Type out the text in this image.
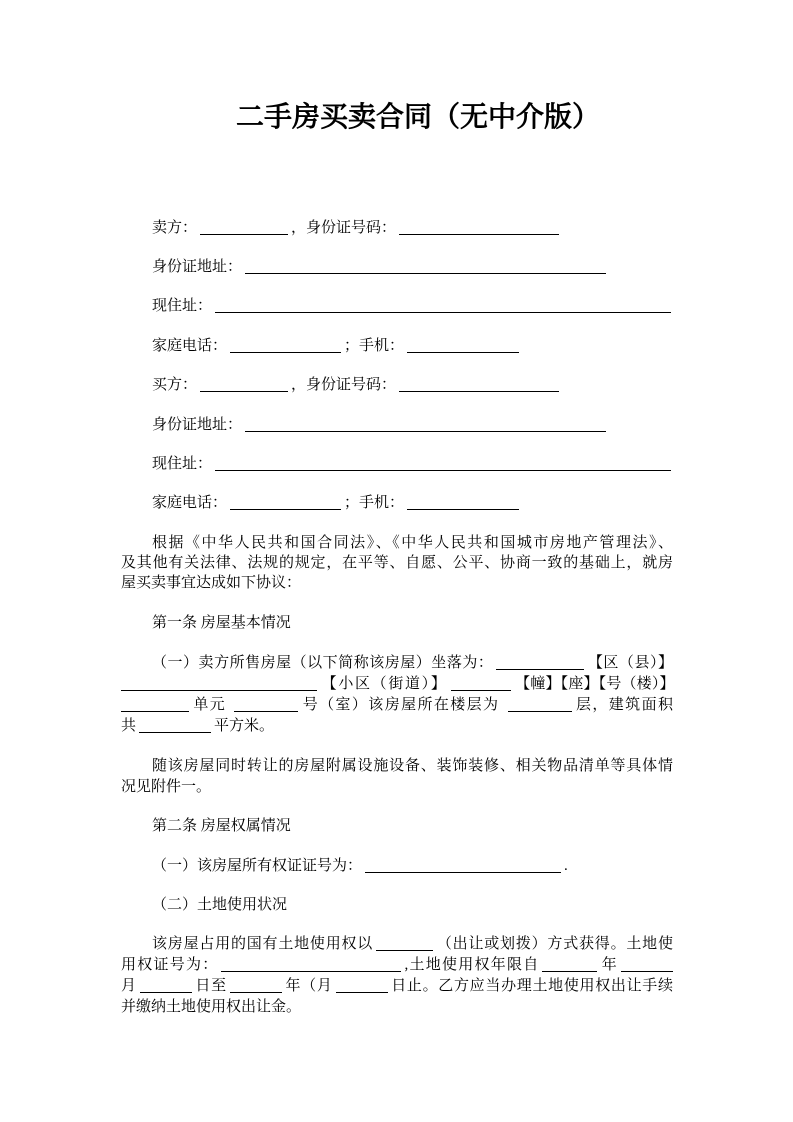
二手房买卖合同（无中介版）
卖方：	，身份证号码：
身份证地址：
现住址：
家庭电话：	；手机：
买方：	，身份证号码：
身份证地址：
现住址：
家庭电话：	；手机：
根据《中华人民共和国合同法》、《中华人民共和国城市房地产管理法》、
及其他有关法律、法规的规定，在平等、自愿、公平、协商一致的基础上，就房
屋买卖事宜达成如下协议：
第一条 房屋基本情况
（一）卖方所售房屋（以下简称该房屋）坐落为：	【区（县）】
【小区（街道）】	【幢】【座】【号（楼）】
单元	号（室）该房屋所在楼层为	层，建筑面积
共	平方米。
随该房屋同时转让的房屋附属设施设备、装饰装修、相关物品清单等具体情
况见附件一。
第二条 房屋权属情况
（一）该房屋所有权证证号为：	.
（二）土地使用状况
该房屋占用的国有土地使用权以	（出让或划拨）方式获得。土地使
用权证号为：	,土地使用权年限自	年
月	日至	年（月	日止。乙方应当办理土地使用权出让手续
并缴纳土地使用权出让金。
